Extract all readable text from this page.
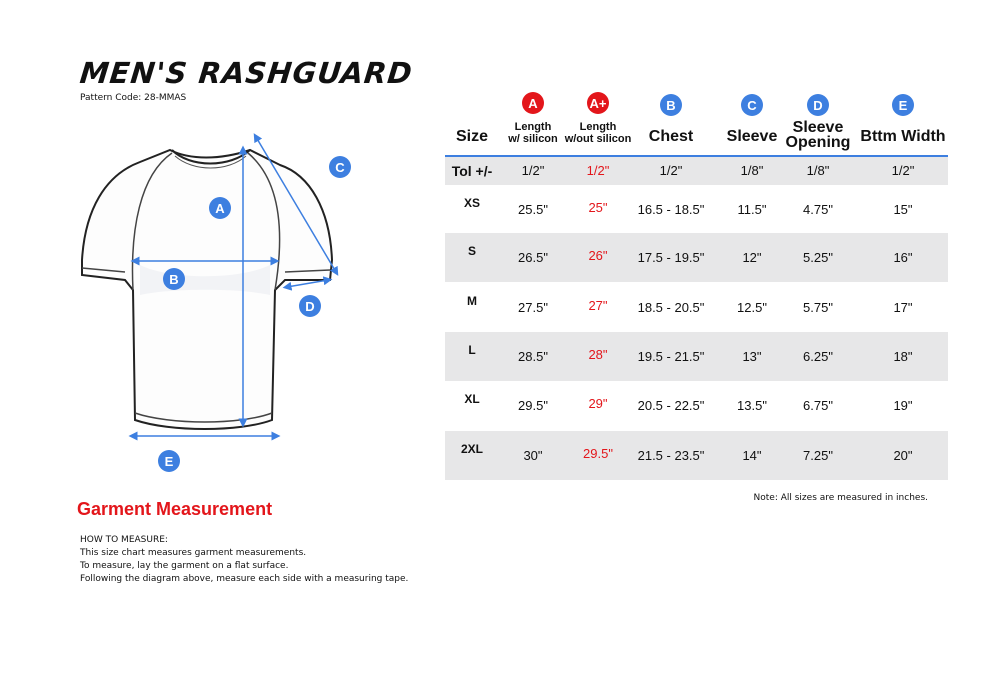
MEN'S RASHGUARD
Pattern Code: 28-MMAS
A
B
C
D
E
Garment Measurement
HOW TO MEASURE:
This size chart measures garment measurements.
To measure, lay the garment on a flat surface.
Following the diagram above, measure each side with a measuring tape.
Note: All sizes are measured in inches.
Size
A
Length
w/ silicon
A+
Length
w/out silicon
B
Chest
C
Sleeve
D
Sleeve
Opening
E
Bttm Width
Tol +/-	1/2"	1/2"	1/2"	1/8"	1/8"	1/2"
XS	25.5"	25"	16.5 - 18.5"	11.5"	4.75"	15"
S	26.5"	26"	17.5 - 19.5"	12"	5.25"	16"
M	27.5"	27"	18.5 - 20.5"	12.5"	5.75"	17"
L	28.5"	28"	19.5 - 21.5"	13"	6.25"	18"
XL	29.5"	29"	20.5 - 22.5"	13.5"	6.75"	19"
2XL	30"	29.5"	21.5 - 23.5"	14"	7.25"	20"
